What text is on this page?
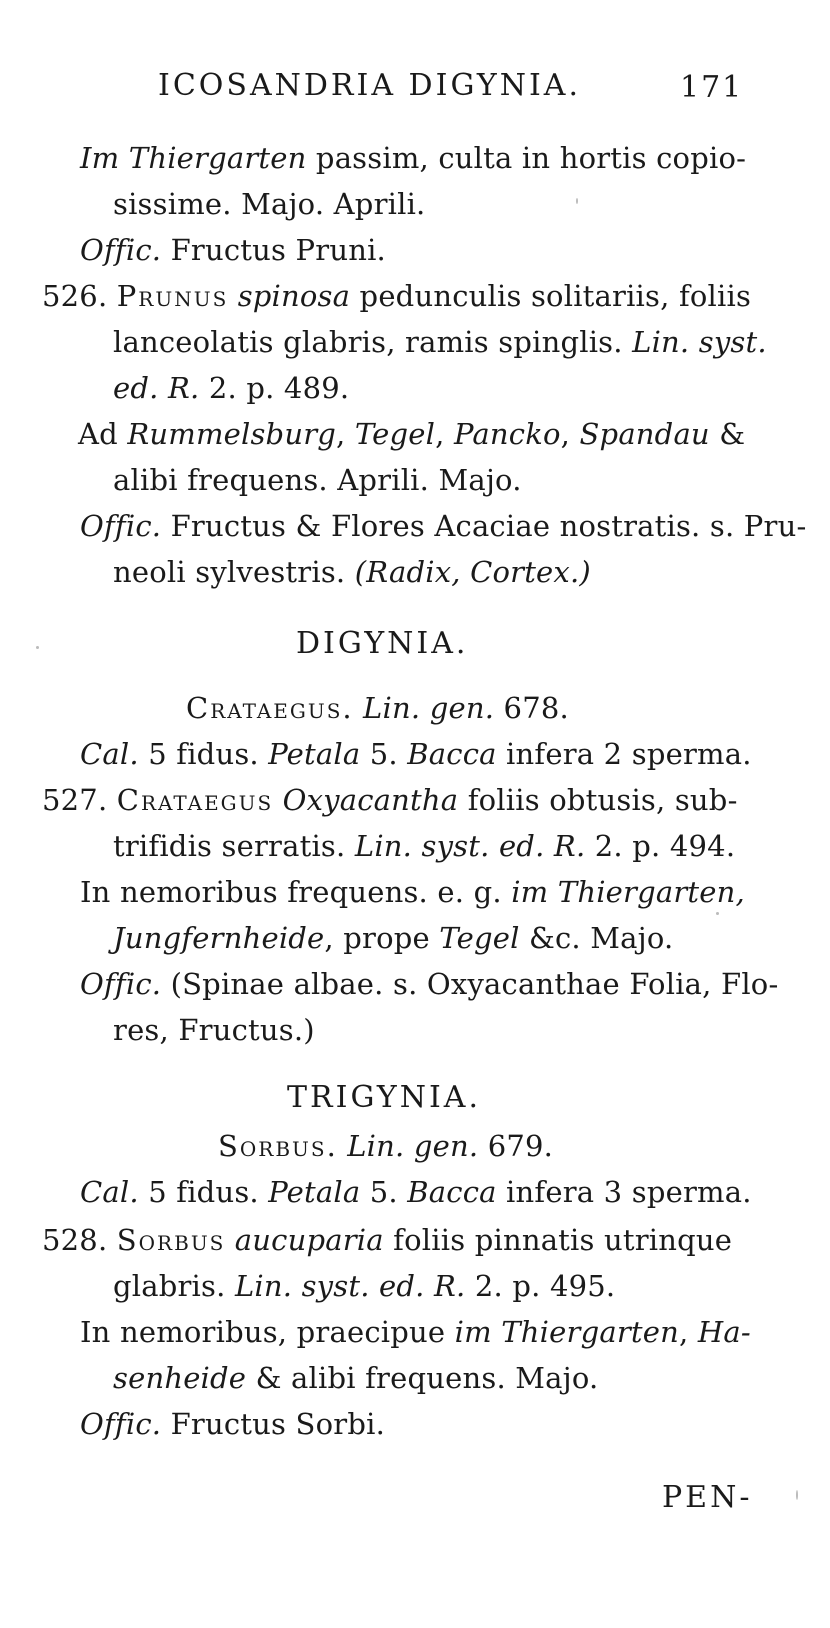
ICOSANDRIA DIGYNIA.	171
Im Thiergarten passim, culta in hortis copio-
sissime. Majo. Aprili.
Offic. Fructus Pruni.
526. Prunus spinosa pedunculis solitariis, foliis
lanceolatis glabris, ramis spinglis. Lin. syst.
ed. R. 2. p. 489.
Ad Rummelsburg, Tegel, Pancko, Spandau &
alibi frequens. Aprili. Majo.
Offic. Fructus & Flores Acaciae nostratis. s. Pru-
neoli sylvestris. (Radix, Cortex.)
DIGYNIA.
Crataegus. Lin. gen. 678.
Cal. 5 fidus. Petala 5. Bacca infera 2 sperma.
527. Crataegus Oxyacantha foliis obtusis, sub-
trifidis serratis. Lin. syst. ed. R. 2. p. 494.
In nemoribus frequens. e. g. im Thiergarten,
Jungfernheide, prope Tegel &c. Majo.
Offic. (Spinae albae. s. Oxyacanthae Folia, Flo-
res, Fructus.)
TRIGYNIA.
Sorbus. Lin. gen. 679.
Cal. 5 fidus. Petala 5. Bacca infera 3 sperma.
528. Sorbus aucuparia foliis pinnatis utrinque
glabris. Lin. syst. ed. R. 2. p. 495.
In nemoribus, praecipue im Thiergarten, Ha-
senheide & alibi frequens. Majo.
Offic. Fructus Sorbi.
PEN-
